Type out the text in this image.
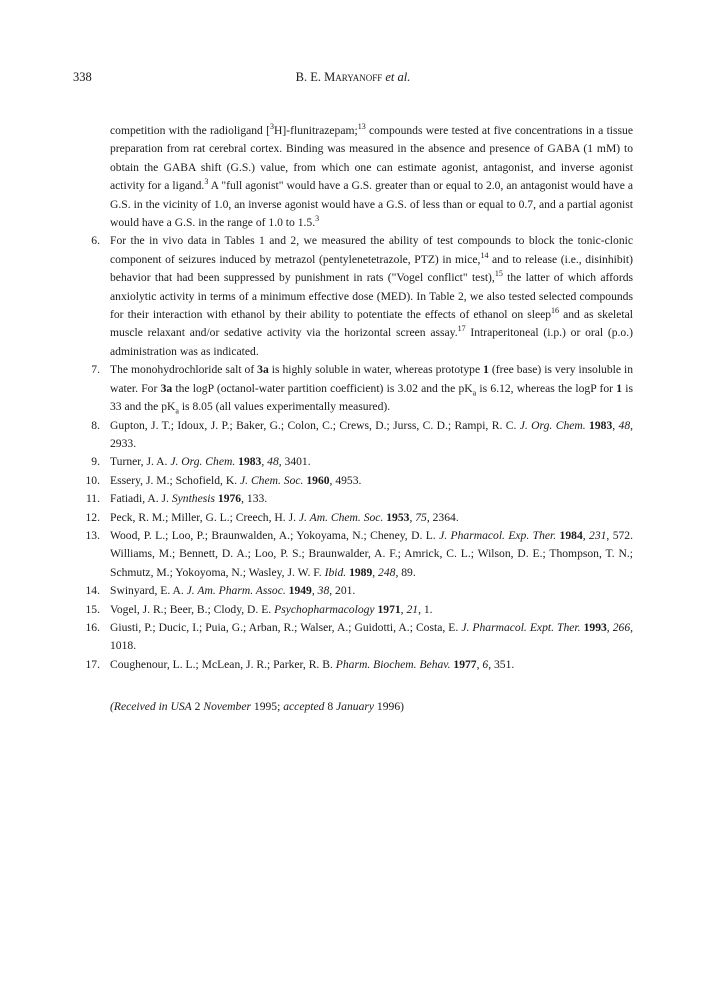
338	B. E. Maryanoff et al.
competition with the radioligand [$^3$H]-flunitrazepam;$^{13}$ compounds were tested at five concentrations in a tissue preparation from rat cerebral cortex. Binding was measured in the absence and presence of GABA (1 mM) to obtain the GABA shift (G.S.) value, from which one can estimate agonist, antagonist, and inverse agonist activity for a ligand.$^3$ A "full agonist" would have a G.S. greater than or equal to 2.0, an antagonist would have a G.S. in the vicinity of 1.0, an inverse agonist would have a G.S. of less than or equal to 0.7, and a partial agonist would have a G.S. in the range of 1.0 to 1.5.$^3$
6. For the in vivo data in Tables 1 and 2, we measured the ability of test compounds to block the tonic-clonic component of seizures induced by metrazol (pentylenetetrazole, PTZ) in mice,$^{14}$ and to release (i.e., disinhibit) behavior that had been suppressed by punishment in rats ("Vogel conflict" test),$^{15}$ the latter of which affords anxiolytic activity in terms of a minimum effective dose (MED). In Table 2, we also tested selected compounds for their interaction with ethanol by their ability to potentiate the effects of ethanol on sleep$^{16}$ and as skeletal muscle relaxant and/or sedative activity via the horizontal screen assay.$^{17}$ Intraperitoneal (i.p.) or oral (p.o.) administration was as indicated.
7. The monohydrochloride salt of 3a is highly soluble in water, whereas prototype 1 (free base) is very insoluble in water. For 3a the logP (octanol-water partition coefficient) is 3.02 and the $pK_a$ is 6.12, whereas the logP for 1 is 33 and the $pK_a$ is 8.05 (all values experimentally measured).
8. Gupton, J. T.; Idoux, J. P.; Baker, G.; Colon, C.; Crews, D.; Jurss, C. D.; Rampi, R. C. J. Org. Chem. 1983, 48, 2933.
9. Turner, J. A. J. Org. Chem. 1983, 48, 3401.
10. Essery, J. M.; Schofield, K. J. Chem. Soc. 1960, 4953.
11. Fatiadi, A. J. Synthesis 1976, 133.
12. Peck, R. M.; Miller, G. L.; Creech, H. J. J. Am. Chem. Soc. 1953, 75, 2364.
13. Wood, P. L.; Loo, P.; Braunwalden, A.; Yokoyama, N.; Cheney, D. L. J. Pharmacol. Exp. Ther. 1984, 231, 572. Williams, M.; Bennett, D. A.; Loo, P. S.; Braunwalder, A. F.; Amrick, C. L.; Wilson, D. E.; Thompson, T. N.; Schmutz, M.; Yokoyoma, N.; Wasley, J. W. F. Ibid. 1989, 248, 89.
14. Swinyard, E. A. J. Am. Pharm. Assoc. 1949, 38, 201.
15. Vogel, J. R.; Beer, B.; Clody, D. E. Psychopharmacology 1971, 21, 1.
16. Giusti, P.; Ducic, I.; Puia, G.; Arban, R.; Walser, A.; Guidotti, A.; Costa, E. J. Pharmacol. Expt. Ther. 1993, 266, 1018.
17. Coughenour, L. L.; McLean, J. R.; Parker, R. B. Pharm. Biochem. Behav. 1977, 6, 351.
(Received in USA 2 November 1995; accepted 8 January 1996)
